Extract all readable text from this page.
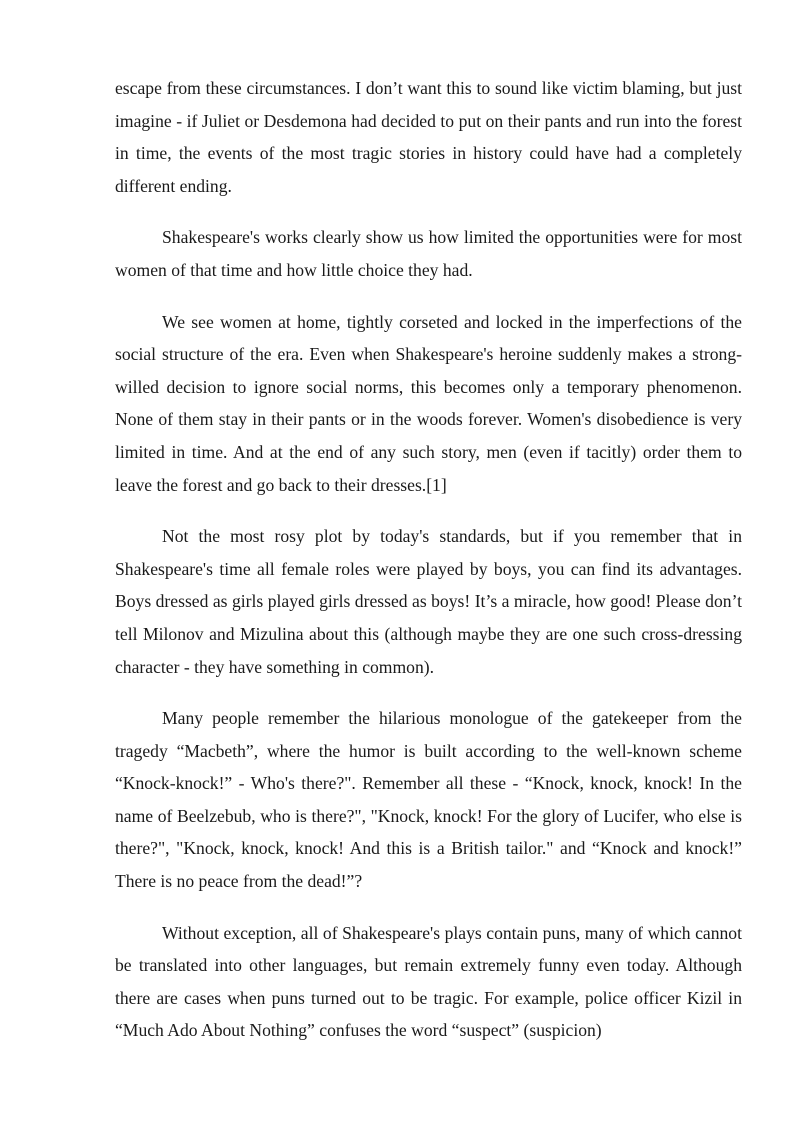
escape from these circumstances. I don’t want this to sound like victim blaming, but just imagine - if Juliet or Desdemona had decided to put on their pants and run into the forest in time, the events of the most tragic stories in history could have had a completely different ending.

Shakespeare's works clearly show us how limited the opportunities were for most women of that time and how little choice they had.

We see women at home, tightly corseted and locked in the imperfections of the social structure of the era. Even when Shakespeare's heroine suddenly makes a strong-willed decision to ignore social norms, this becomes only a temporary phenomenon. None of them stay in their pants or in the woods forever. Women's disobedience is very limited in time. And at the end of any such story, men (even if tacitly) order them to leave the forest and go back to their dresses.[1]

Not the most rosy plot by today's standards, but if you remember that in Shakespeare's time all female roles were played by boys, you can find its advantages. Boys dressed as girls played girls dressed as boys! It’s a miracle, how good! Please don’t tell Milonov and Mizulina about this (although maybe they are one such cross-dressing character - they have something in common).

Many people remember the hilarious monologue of the gatekeeper from the tragedy “Macbeth”, where the humor is built according to the well-known scheme “Knock-knock!” - Who's there?". Remember all these - “Knock, knock, knock! In the name of Beelzebub, who is there?", "Knock, knock! For the glory of Lucifer, who else is there?", "Knock, knock, knock! And this is a British tailor." and “Knock and knock!” There is no peace from the dead!”?

Without exception, all of Shakespeare's plays contain puns, many of which cannot be translated into other languages, but remain extremely funny even today. Although there are cases when puns turned out to be tragic. For example, police officer Kizil in “Much Ado About Nothing” confuses the word “suspect” (suspicion)
